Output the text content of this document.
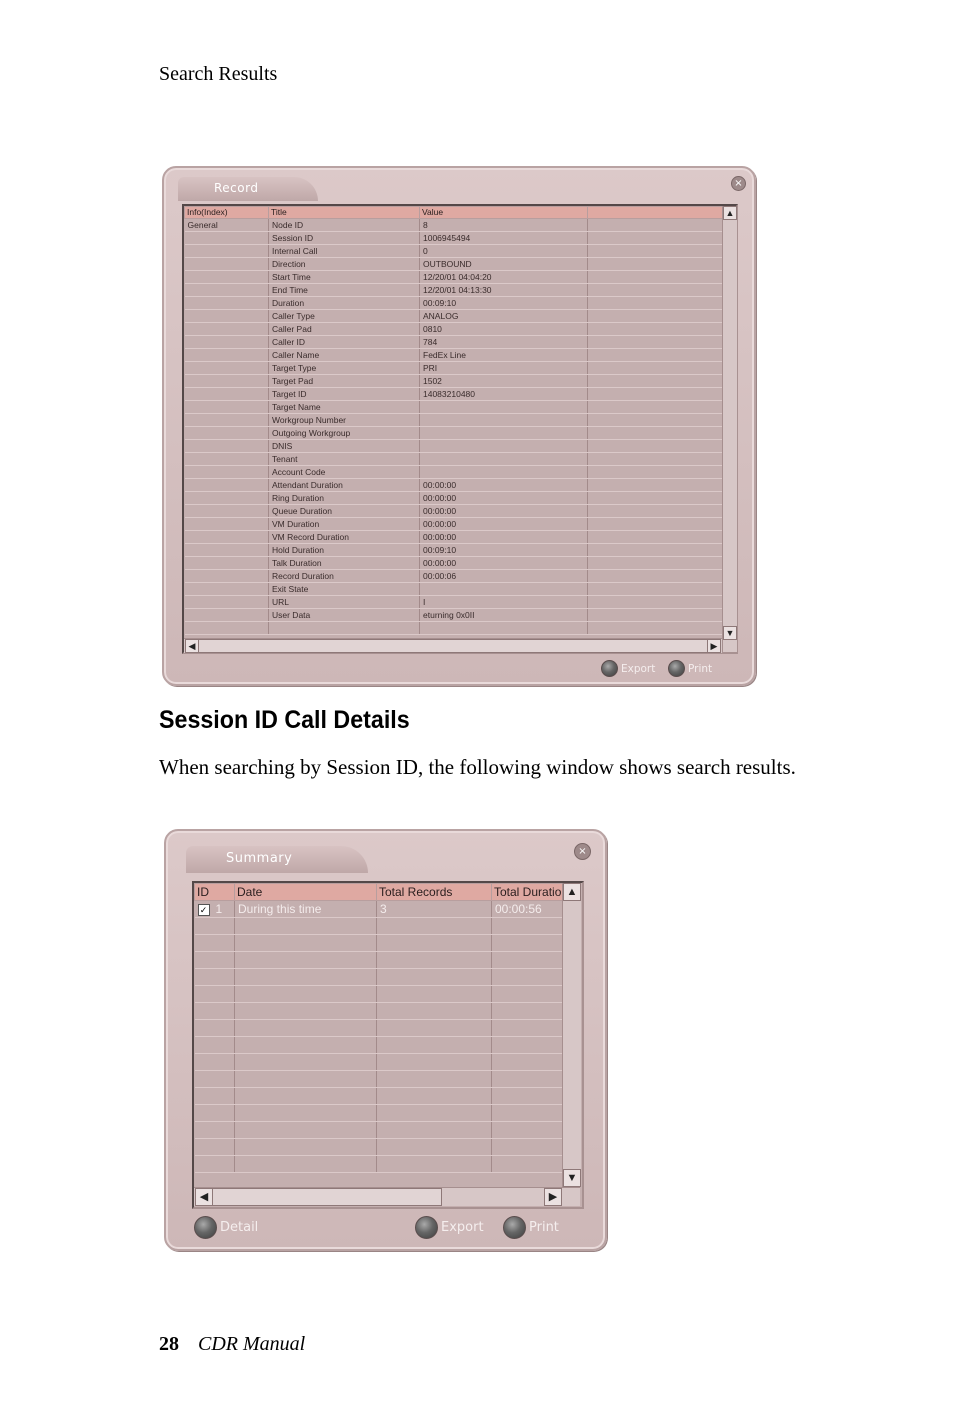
Search Results
Record	×
Info(Index)	Title	Value	
General	Node ID	8	
	Session ID	1006945494	
	Internal Call	0	
	Direction	OUTBOUND	
	Start Time	12/20/01 04:04:20	
	End Time	12/20/01 04:13:30	
	Duration	00:09:10	
	Caller Type	ANALOG	
	Caller Pad	0810	
	Caller ID	784	
	Caller Name	FedEx Line	
	Target Type	PRI	
	Target Pad	1502	
	Target ID	14083210480	
	Target Name		
	Workgroup Number		
	Outgoing Workgroup		
	DNIS		
	Tenant		
	Account Code		
	Attendant Duration	00:00:00	
	Ring Duration	00:00:00	
	Queue Duration	00:00:00	
	VM Duration	00:00:00	
	VM Record Duration	00:00:00	
	Hold Duration	00:09:10	
	Talk Duration	00:00:00	
	Record Duration	00:00:06	
	Exit State		
	URL	I	
	User Data	eturning 0x0II	

▲
▼
◀	▶
Export	Print
Session ID Call Details

When searching by Session ID, the following window shows search results.

Summary	×
ID	Date	Total Records	Total Duratio
✓ 1	During this time	3	00:00:56

▲
▼
◀	▶
Detail	Export	Print
28 CDR Manual
